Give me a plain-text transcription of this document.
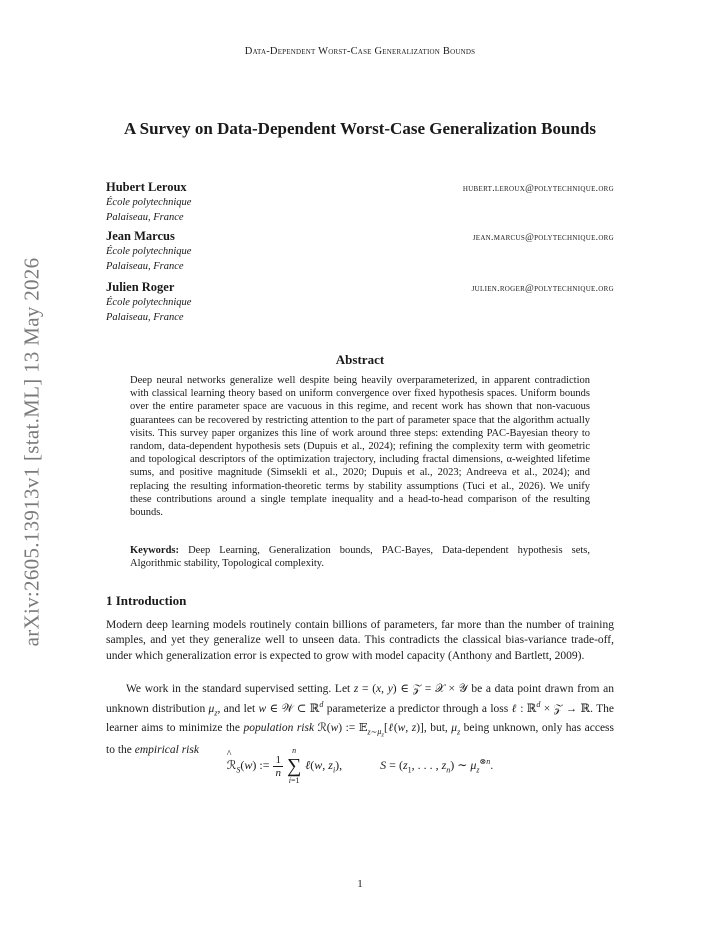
Data-Dependent Worst-Case Generalization Bounds
A Survey on Data-Dependent Worst-Case Generalization Bounds
Hubert Leroux	hubert.leroux@polytechnique.org
École polytechnique
Palaiseau, France
Jean Marcus	jean.marcus@polytechnique.org
École polytechnique
Palaiseau, France
Julien Roger	julien.roger@polytechnique.org
École polytechnique
Palaiseau, France
arXiv:2605.13913v1 [stat.ML] 13 May 2026	Abstract
Deep neural networks generalize well despite being heavily overparameterized, in apparent contradiction with classical learning theory based on uniform convergence over fixed hypothesis spaces. Uniform bounds over the entire parameter space are vacuous in this regime, and recent work has shown that non-vacuous guarantees can be recovered by restricting attention to the part of parameter space that the algorithm actually visits. This survey paper organizes this line of work around three steps: extending PAC-Bayesian theory to random, data-dependent hypothesis sets (Dupuis et al., 2024); refining the complexity term with geometric and topological descriptors of the optimization trajectory, including fractal dimensions, α-weighted lifetime sums, and positive magnitude (Simsekli et al., 2020; Dupuis et al., 2023; Andreeva et al., 2024); and replacing the resulting information-theoretic terms by stability assumptions (Tuci et al., 2026). We unify these contributions around a single template inequality and a head-to-head comparison of the resulting bounds.
Keywords: Deep Learning, Generalization bounds, PAC-Bayes, Data-dependent hypothesis sets, Algorithmic stability, Topological complexity.
1 Introduction
Modern deep learning models routinely contain billions of parameters, far more than the number of training samples, and yet they generalize well to unseen data. This contradicts the classical bias-variance trade-off, under which generalization error is expected to grow with model capacity (Anthony and Bartlett, 2009).
We work in the standard supervised setting. Let z = (x, y) ∈ 𝒵 = 𝒳 × 𝒴 be a data point drawn from an unknown distribution $\mu_z$, and let w ∈ 𝒲 ⊂ ℝ$^d$ parameterize a predictor through a loss ℓ : ℝ$^d$ × 𝒵 → ℝ. The learner aims to minimize the population risk ℛ(w) := 𝔼$_{z\sim\mu_z}$[ℓ(w, z)], but, $\mu_z$ being unknown, only has access to the empirical risk
ℛ
^
$_S$(w) := $\frac{1}{n}$
n
∑
i=1
ℓ(w, $z_i$),	$S = (z_1$, . . . , $z_n$) ∼ $\mu_z^{\otimes n}$.
1
